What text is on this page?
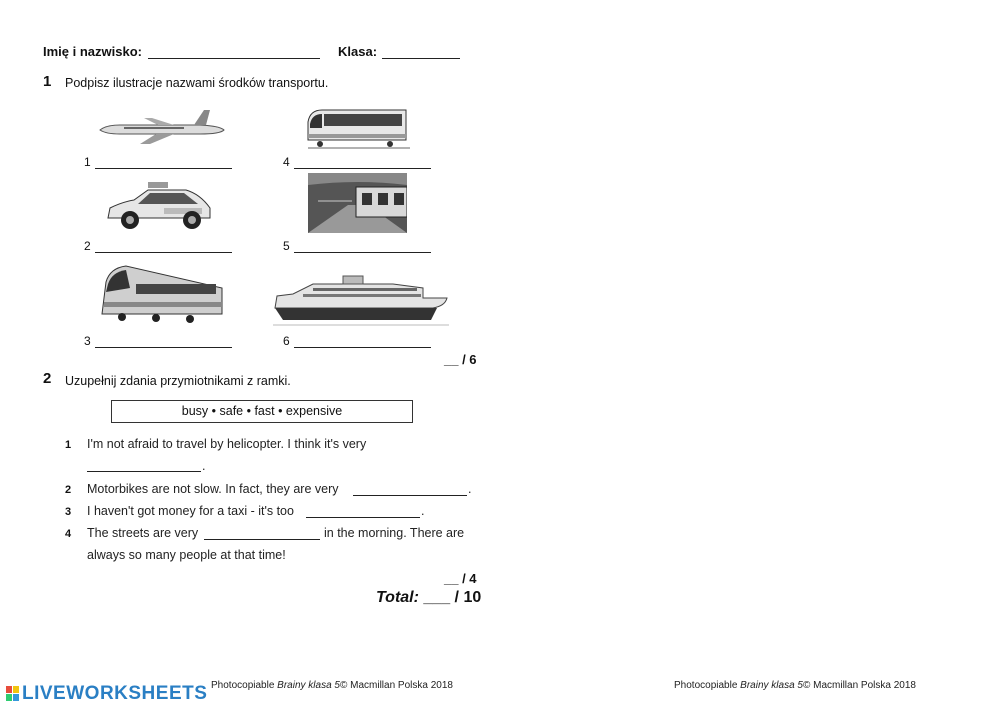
Imię i nazwisko:	Klasa:
1 Podpisz ilustracje nazwami środków transportu.
1	4
2	5
3	6
__ / 6
2 Uzupełnij zdania przymiotnikami z ramki.
busy • safe • fast • expensive
1 I'm not afraid to travel by helicopter. I think it's very
.
2 Motorbikes are not slow. In fact, they are very	.
3 I haven't got money for a taxi - it's too	.
4 The streets are very	in the morning. There are
always so many people at that time!
__ / 4
Total: ___ / 10
LIVEWORKSHEETS Photocopiable Brainy klasa 5© Macmillan Polska 2018	Photocopiable Brainy klasa 5© Macmillan Polska 2018
